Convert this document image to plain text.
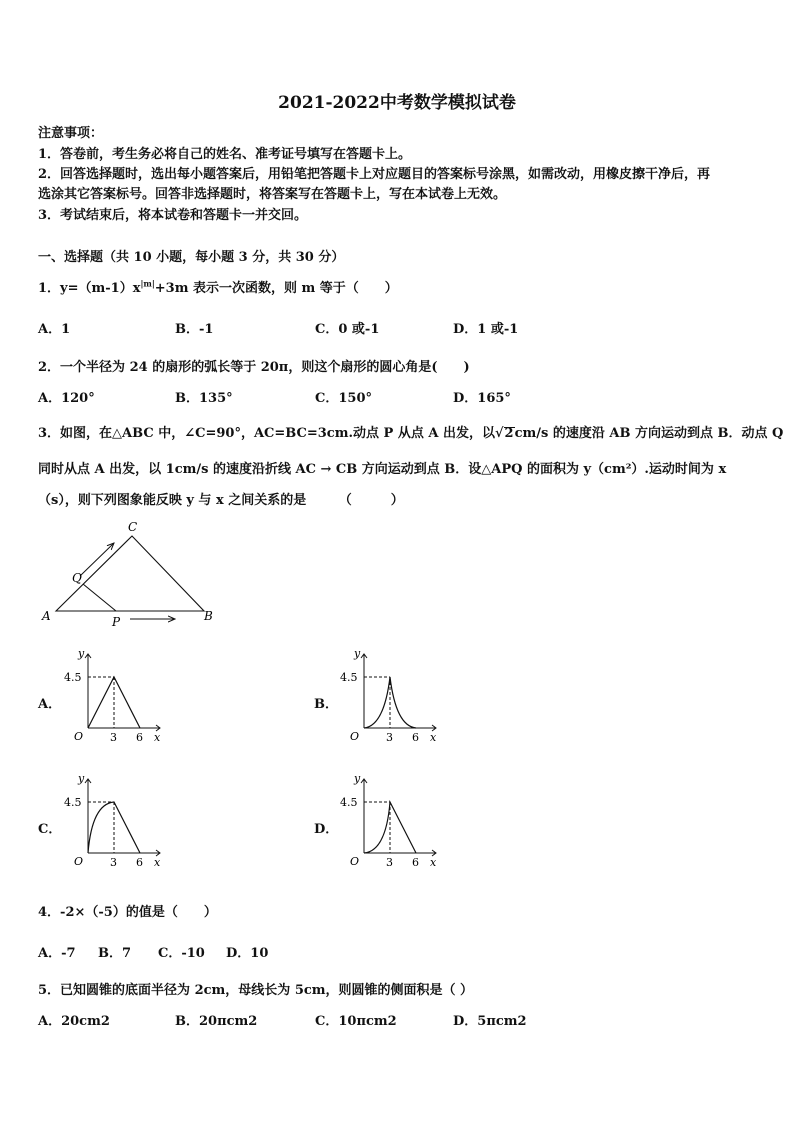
2021-2022中考数学模拟试卷
注意事项：
1．答卷前，考生务必将自己的姓名、准考证号填写在答题卡上。
2．回答选择题时，选出每小题答案后，用铅笔把答题卡上对应题目的答案标号涂黑，如需改动，用橡皮擦干净后，再
选涂其它答案标号。回答非选择题时，将答案写在答题卡上，写在本试卷上无效。
3．考试结束后，将本试卷和答题卡一并交回。
一、选择题（共 10 小题，每小题 3 分，共 30 分）
1．$y=(m-1)x^{|m|}+3m$ 表示一次函数，则 m 等于（　　）
A．1	B．-1	C．0 或-1	D．1 或-1
2．一个半径为 24 的扇形的弧长等于 20π，则这个扇形的圆心角是(　　)
A．120°	B．135°	C．150°	D．165°
3．如图，在△ABC 中，∠C=90°，AC=BC=3cm.动点 P 从点 A 出发，以√2cm/s 的速度沿 AB 方向运动到点 B．动点 Q
同时从点 A 出发，以 1cm/s 的速度沿折线 AC → CB 方向运动到点 B．设△APQ 的面积为 y（cm²）.运动时间为 x
（s），则下列图象能反映 y 与 x 之间关系的是　　　（　　　）
C
Q
A	P	B
A．	B．
C．	D．
y
4.5
O 3 6 x
y
4.5
O 3 6 x
y
4.5
O 3 6 x
y
4.5
O 3 6 x
4．-2×（-5）的值是（　　）
A．-7 B．7 C．-10 D．10
5．已知圆锥的底面半径为 2cm，母线长为 5cm，则圆锥的侧面积是（ ）
A．20cm2	B．20πcm2	C．10πcm2	D．5πcm2
